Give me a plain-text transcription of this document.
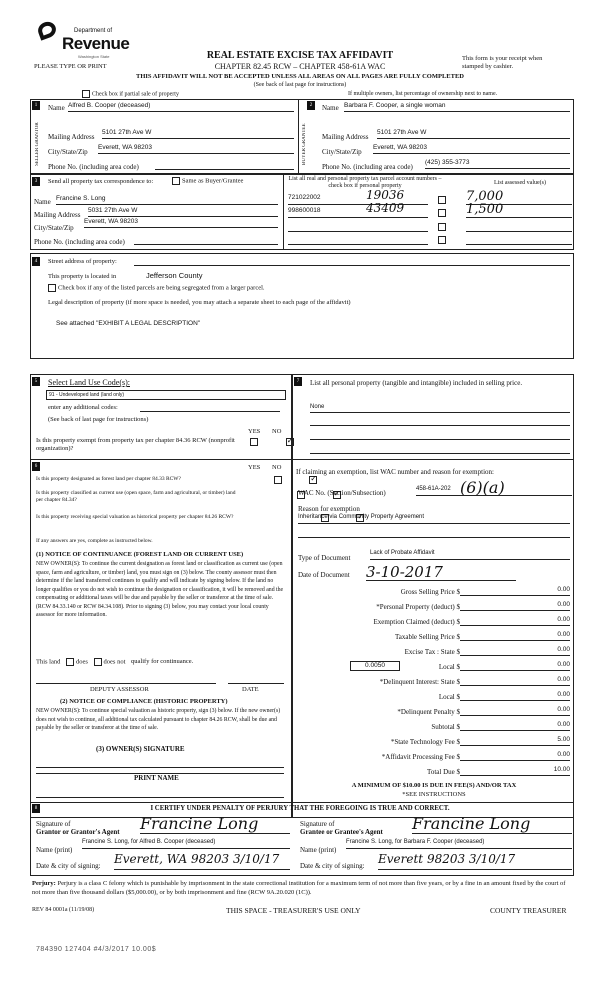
Department of
Revenue
Washington State
PLEASE TYPE OR PRINT
REAL ESTATE EXCISE TAX AFFIDAVIT
CHAPTER 82.45 RCW – CHAPTER 458-61A WAC
This form is your receipt when stamped by cashier.
THIS AFFIDAVIT WILL NOT BE ACCEPTED UNLESS ALL AREAS ON ALL PAGES ARE FULLY COMPLETED
(See back of last page for instructions)
Check box if partial sale of property	If multiple owners, list percentage of ownership next to name.
1
SELLER GRANTOR
Name Alfred B. Cooper (deceased)
Mailing Address
5101 27th Ave W
City/State/Zip
Everett, WA 98203
Phone No. (including area code)
2
BUYER GRANTEE
Name Barbara F. Cooper, a single woman
Mailing Address
5101 27th Ave W
City/State/Zip
Everett, WA 98203
Phone No. (including area code)
(425) 355-3773
3	Send all property tax correspondence to:	Same as Buyer/Grantee
Name Francine S. Long
Mailing Address
5031 27th Ave W
City/State/Zip
Everett, WA 98203
Phone No. (including area code)
List all real and personal property tax parcel account numbers – check box if personal property	List assessed value(s)
721022002	19036	7,000
998600018	43409	1,500
4	Street address of property:
This property is located in	Jefferson County
Check box if any of the listed parcels are being segregated from a larger parcel.
Legal description of property (if more space is needed, you may attach a separate sheet to each page of the affidavit)
See attached "EXHIBIT A LEGAL DESCRIPTION"
5	Select Land Use Code(s):
91 - Undeveloped land (land only)
enter any additional codes:
(See back of last page for instructions)
YES NO
Is this property exempt from property tax per chapter 84.36 RCW (nonprofit organization)?
✓
6	YES NO
Is this property designated as forest land per chapter 84.33 RCW?
✓
Is this property classified as current use (open space, farm and agricultural, or timber) land per chapter 84.34?
✓
Is this property receiving special valuation as historical property per chapter 84.26 RCW?
✓
If any answers are yes, complete as instructed below.
(1) NOTICE OF CONTINUANCE (FOREST LAND OR CURRENT USE)
NEW OWNER(S): To continue the current designation as forest land or classification as current use (open space, farm and agriculture, or timber) land, you must sign on (3) below. The county assessor must then determine if the land transferred continues to qualify and will indicate by signing below. If the land no longer qualifies or you do not wish to continue the designation or classification, it will be removed and the compensating or additional taxes will be due and payable by the seller or transferor at the time of sale. (RCW 84.33.140 or RCW 84.34.108). Prior to signing (3) below, you may contact your local county assessor for more information.
This land does does not qualify for continuance.
DEPUTY ASSESSOR	DATE
(2) NOTICE OF COMPLIANCE (HISTORIC PROPERTY)
NEW OWNER(S): To continue special valuation as historic property, sign (3) below. If the new owner(s) does not wish to continue, all additional tax calculated pursuant to chapter 84.26 RCW, shall be due and payable by the seller or transferor at the time of sale.
(3) OWNER(S) SIGNATURE
PRINT NAME
7	List all personal property (tangible and intangible) included in selling price.
None
If claiming an exemption, list WAC number and reason for exemption:
WAC No. (Section/Subsection)	458-61A-202 (6)(a)
Reason for exemption
Inheritance via Community Property Agreement
Type of Document
Lack of Probate Affidavit
Date of Document 3-10-2017
Gross Selling Price $	0.00
*Personal Property (deduct) $	0.00
Exemption Claimed (deduct) $	0.00
Taxable Selling Price $	0.00
Excise Tax : State $	0.00
0.0050	Local $	0.00
*Delinquent Interest: State $	0.00
Local $	0.00
*Delinquent Penalty $	0.00
Subtotal $	0.00
*State Technology Fee $	5.00
*Affidavit Processing Fee $	0.00
Total Due $	10.00
A MINIMUM OF $10.00 IS DUE IN FEE(S) AND/OR TAX
*SEE INSTRUCTIONS
8	I CERTIFY UNDER PENALTY OF PERJURY THAT THE FOREGOING IS TRUE AND CORRECT.
Signature of
Grantor or Grantor's Agent Francine Long
Name (print)
Francine S. Long, for Alfred B. Cooper (deceased)
Date & city of signing: Everett, WA 98203 3/10/17
Signature of
Grantee or Grantee's Agent Francine Long
Name (print)
Francine S. Long, for Barbara F. Cooper (deceased)
Date & city of signing: Everett 98203 3/10/17
Perjury: Perjury is a class C felony which is punishable by imprisonment in the state correctional institution for a maximum term of not more than five years, or by a fine in an amount fixed by the court of not more than five thousand dollars ($5,000.00), or by both imprisonment and fine (RCW 9A.20.020 (1C)).
REV 84 0001a (11/19/08)	THIS SPACE - TREASURER'S USE ONLY	COUNTY TREASURER
784390 127404 #4/3/2017 10.00$
